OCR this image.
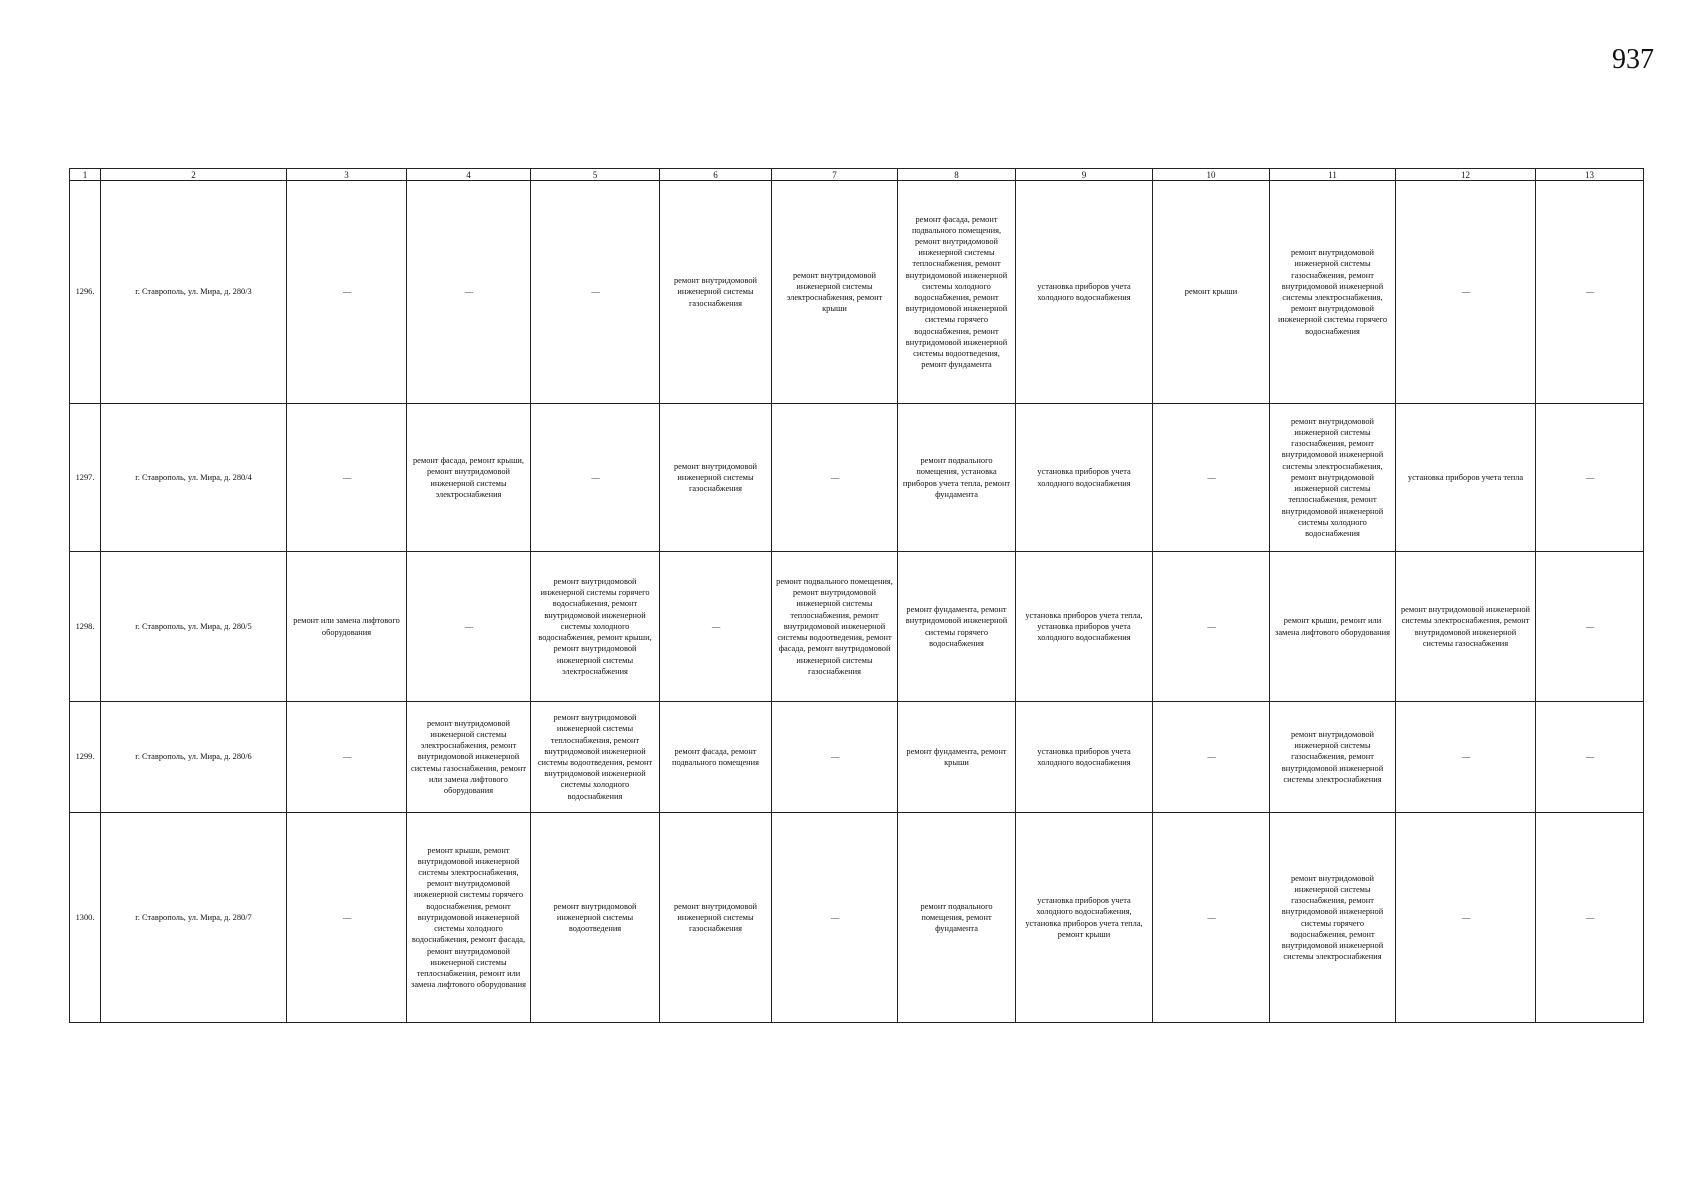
937
1	2	3	4	5	6	7	8	9	10	11	12	13
1296.	г. Ставрополь, ул. Мира, д. 280/3	—	—	—	ремонт внутридомовой инженерной системы газоснабжения	ремонт внутридомовой инженерной системы электроснабжения, ремонт крыши	ремонт фасада, ремонт подвального помещения, ремонт внутридомовой инженерной системы теплоснабжения, ремонт внутридомовой инженерной системы холодного водоснабжения, ремонт внутридомовой инженерной системы горячего водоснабжения, ремонт внутридомовой инженерной системы водоотведения, ремонт фундамента	установка приборов учета холодного водоснабжения	ремонт крыши	ремонт внутридомовой инженерной системы газоснабжения, ремонт внутридомовой инженерной системы электроснабжения, ремонт внутридомовой инженерной системы горячего водоснабжения	—	—
1297.	г. Ставрополь, ул. Мира, д. 280/4	—	ремонт фасада, ремонт крыши, ремонт внутридомовой инженерной системы электроснабжения	—	ремонт внутридомовой инженерной системы газоснабжения	—	ремонт подвального помещения, установка приборов учета тепла, ремонт фундамента	установка приборов учета холодного водоснабжения	—	ремонт внутридомовой инженерной системы газоснабжения, ремонт внутридомовой инженерной системы электроснабжения, ремонт внутридомовой инженерной системы теплоснабжения, ремонт внутридомовой инженерной системы холодного водоснабжения	установка приборов учета тепла	—
1298.	г. Ставрополь, ул. Мира, д. 280/5	ремонт или замена лифтового оборудования	—	ремонт внутридомовой инженерной системы горячего водоснабжения, ремонт внутридомовой инженерной системы холодного водоснабжения, ремонт крыши, ремонт внутридомовой инженерной системы электроснабжения	—	ремонт подвального помещения, ремонт внутридомовой инженерной системы теплоснабжения, ремонт внутридомовой инженерной системы водоотведения, ремонт фасада, ремонт внутридомовой инженерной системы газоснабжения	ремонт фундамента, ремонт внутридомовой инженерной системы горячего водоснабжения	установка приборов учета тепла, установка приборов учета холодного водоснабжения	—	ремонт крыши, ремонт или замена лифтового оборудования	ремонт внутридомовой инженерной системы электроснабжения, ремонт внутридомовой инженерной системы газоснабжения	—
1299.	г. Ставрополь, ул. Мира, д. 280/6	—	ремонт внутридомовой инженерной системы электроснабжения, ремонт внутридомовой инженерной системы газоснабжения, ремонт или замена лифтового оборудования	ремонт внутридомовой инженерной системы теплоснабжения, ремонт внутридомовой инженерной системы водоотведения, ремонт внутридомовой инженерной системы холодного водоснабжения	ремонт фасада, ремонт подвального помещения	—	ремонт фундамента, ремонт крыши	установка приборов учета холодного водоснабжения	—	ремонт внутридомовой инженерной системы газоснабжения, ремонт внутридомовой инженерной системы электроснабжения	—	—
1300.	г. Ставрополь, ул. Мира, д. 280/7	—	ремонт крыши, ремонт внутридомовой инженерной системы электроснабжения, ремонт внутридомовой инженерной системы горячего водоснабжения, ремонт внутридомовой инженерной системы холодного водоснабжения, ремонт фасада, ремонт внутридомовой инженерной системы теплоснабжения, ремонт или замена лифтового оборудования	ремонт внутридомовой инженерной системы водоотведения	ремонт внутридомовой инженерной системы газоснабжения	—	ремонт подвального помещения, ремонт фундамента	установка приборов учета холодного водоснабжения, установка приборов учета тепла, ремонт крыши	—	ремонт внутридомовой инженерной системы газоснабжения, ремонт внутридомовой инженерной системы горячего водоснабжения, ремонт внутридомовой инженерной системы электроснабжения	—	—
